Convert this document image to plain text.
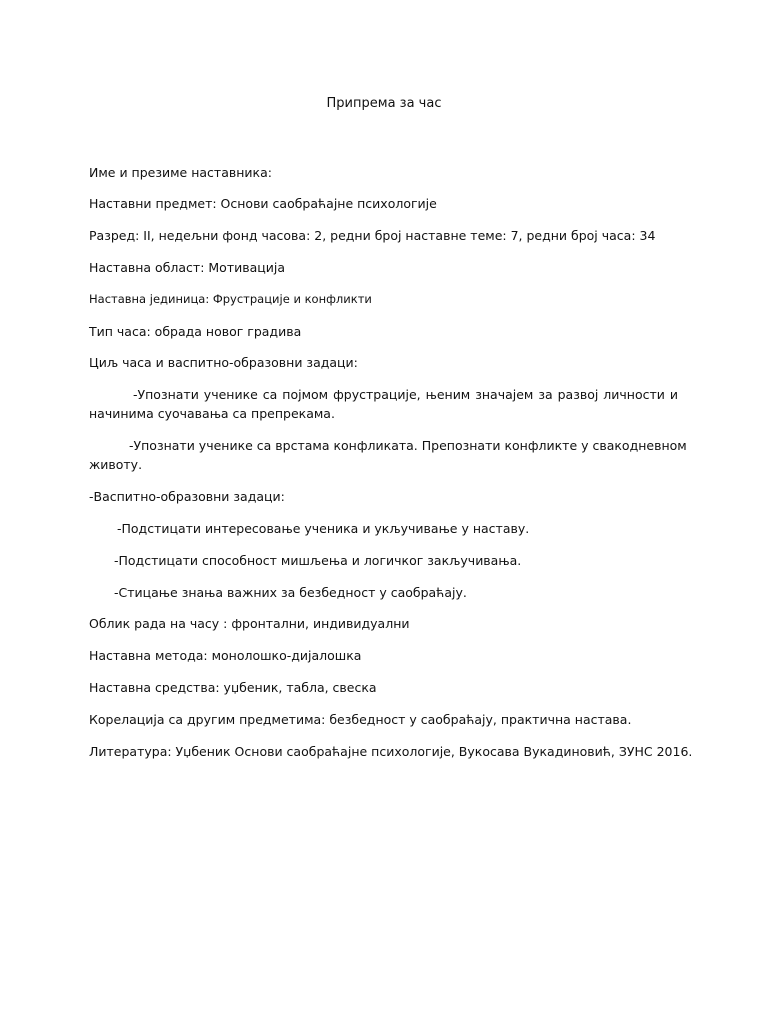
Припрема за час
Име и презиме наставника:
Наставни предмет: Основи саобраћајне психологије
Разред: II, недељни фонд часова: 2, редни број наставне теме: 7, редни број часа: 34
Наставна област: Мотивација
Наставна јединица: Фрустрације и конфликти
Тип часа: обрада новог градива
Циљ часа и васпитно-образовни задаци:
-Упознати ученике са појмом фрустрације, њеним значајем за развој личности и
начинима суочавања са препрекама.
-Упознати ученике са врстама конфликата. Препознати конфликте у свакодневном
животу.
-Васпитно-образовни задаци:
-Подстицати интересовање ученика и укључивање у наставу.
-Подстицати способност мишљења и логичког закључивања.
-Стицање знања важних за безбедност у саобраћају.
Облик рада на часу : фронтални, индивидуални
Наставна метода: монолошко-дијалошка
Наставна средства: уџбеник, табла, свеска
Корелација са другим предметима: безбедност у саобраћају, практична настава.
Литература: Уџбеник Основи саобраћајне психологије, Вукосава Вукадиновић, ЗУНС 2016.
